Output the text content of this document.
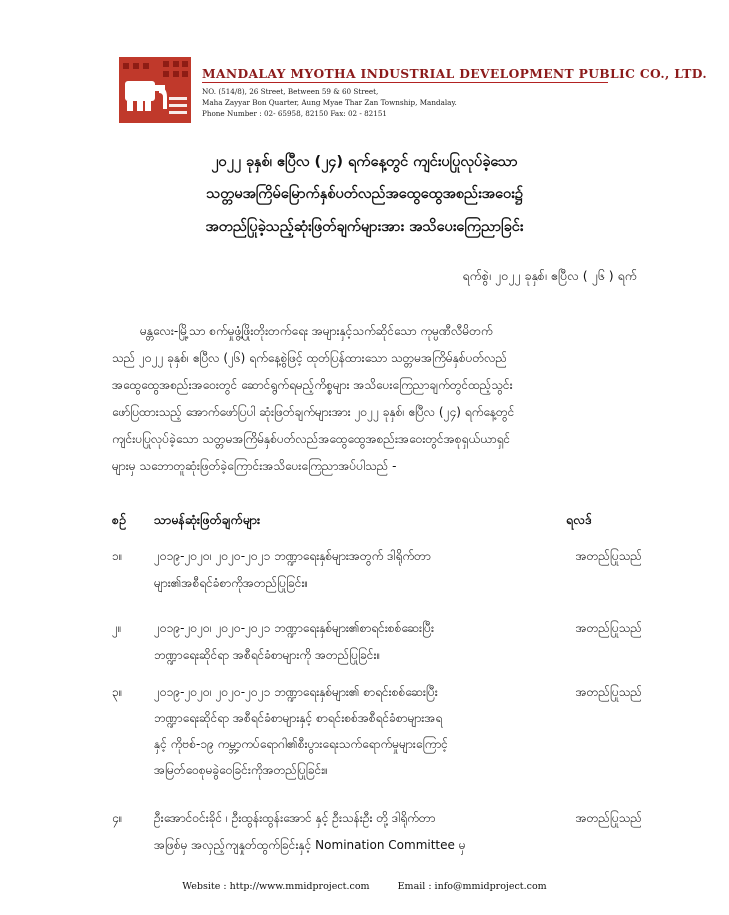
MANDALAY MYOTHA INDUSTRIAL DEVELOPMENT PUBLIC CO., LTD.
NO. (514/8), 26 Street, Between 59 & 60 Street,
Maha Zayyar Bon Quarter, Aung Myae Thar Zan Township, Mandalay.
Phone Number : 02- 65958, 82150 Fax: 02 - 82151
၂၀၂၂ ခုနှစ်၊ ဧပြီလ (၂၄) ရက်နေ့တွင် ကျင်းပပြုလုပ်ခဲ့သော
သတ္တမအကြိမ်မြောက်နှစ်ပတ်လည်အထွေထွေအစည်းအဝေး၌
အတည်ပြုခဲ့သည့်ဆုံးဖြတ်ချက်များအား အသိပေးကြေညာခြင်း
ရက်စွဲ၊ ၂၀၂၂ ခုနှစ်၊ ဧပြီလ ( ၂၆ ) ရက်
မန္တလေး-မြို့သာ စက်မှုဖွံ့ဖြိုးတိုးတက်ရေး အများနှင့်သက်ဆိုင်သော ကုမ္ပဏီလီမိတက်
သည် ၂၀၂၂ ခုနှစ်၊ ဧပြီလ (၂၆) ရက်နေ့စွဲဖြင့် ထုတ်ပြန်ထားသော သတ္တမအကြိမ်နှစ်ပတ်လည်
အထွေထွေအစည်းအဝေးတွင် ဆောင်ရွက်ရမည့်ကိစ္စများ အသိပေးကြေညာချက်တွင်ထည့်သွင်း
ဖော်ပြထားသည့် အောက်ဖော်ပြပါ ဆုံးဖြတ်ချက်များအား ၂၀၂၂ ခုနှစ်၊ ဧပြီလ (၂၄) ရက်နေ့တွင်
ကျင်းပပြုလုပ်ခဲ့သော သတ္တမအကြိမ်နှစ်ပတ်လည်အထွေထွေအစည်းအဝေးတွင်အစုရှယ်ယာရှင်
များမှ သဘောတူဆုံးဖြတ်ခဲ့ကြောင်းအသိပေးကြေညာအပ်ပါသည် -
စဉ် သာမန်ဆုံးဖြတ်ချက်များ	ရလဒ်
၁။	၂၀၁၉-၂၀၂၀၊ ၂၀၂၀-၂၀၂၁ ဘဏ္ဍာရေးနှစ်များအတွက် ဒါရိုက်တာ
များ၏အစီရင်ခံစာကိုအတည်ပြုခြင်း။
အတည်ပြုသည်
၂။	၂၀၁၉-၂၀၂၀၊ ၂၀၂၀-၂၀၂၁ ဘဏ္ဍာရေးနှစ်များ၏စာရင်းစစ်ဆေးပြီး
ဘဏ္ဍာရေးဆိုင်ရာ အစီရင်ခံစာများကို အတည်ပြုခြင်း။
အတည်ပြုသည်
၃။	၂၀၁၉-၂၀၂၀၊ ၂၀၂၀-၂၀၂၁ ဘဏ္ဍာရေးနှစ်များ၏ စာရင်းစစ်ဆေးပြီး
ဘဏ္ဍာရေးဆိုင်ရာ အစီရင်ခံစာများနှင့် စာရင်းစစ်အစီရင်ခံစာများအရ
နှင့် ကိုဗစ်-၁၉ ကမ္ဘာ့ကပ်ရောဂါ၏စီးပွားရေးသက်ရောက်မှုများကြောင့်
အမြတ်ဝေစုမခွဲဝေခြင်းကိုအတည်ပြုခြင်း။
အတည်ပြုသည်
၄။	ဦးအောင်ဝင်းခိုင် ၊ ဦးထွန်းထွန်းအောင် နှင့် ဦးသန်းဦး တို့ ဒါရိုက်တာ
အဖြစ်မှ အလှည့်ကျနှုတ်ထွက်ခြင်းနှင့် Nomination Committee မှ
အတည်ပြုသည်
Website : http://www.mmidproject.com	Email : info@mmidproject.com
